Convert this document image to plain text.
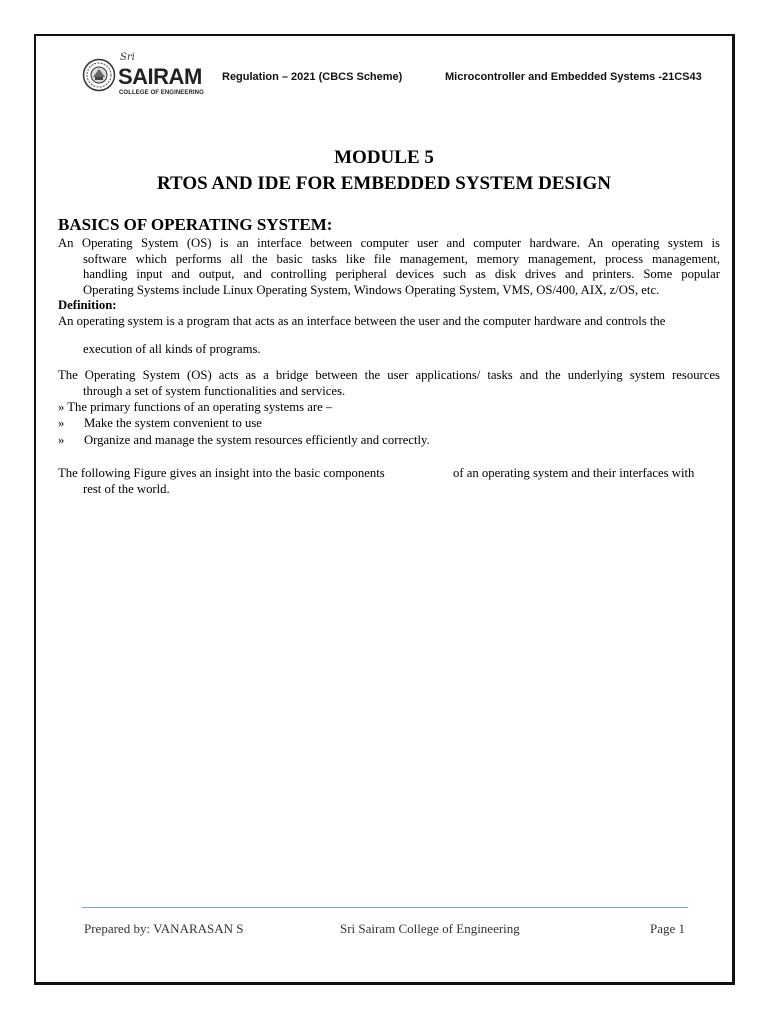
Sri
SAIRAM
COLLEGE OF ENGINEERING
Regulation – 2021 (CBCS Scheme)	Microcontroller and Embedded Systems -21CS43
MODULE 5
RTOS AND IDE FOR EMBEDDED SYSTEM DESIGN
BASICS OF OPERATING SYSTEM:
An Operating System (OS) is an interface between computer user and computer hardware. An operating system is
software which performs all the basic tasks like file management, memory management, process management,
handling input and output, and controlling peripheral devices such as disk drives and printers. Some popular
Operating Systems include Linux Operating System, Windows Operating System, VMS, OS/400, AIX, z/OS, etc.
Definition:
An operating system is a program that acts as an interface between the user and the computer hardware and controls the
execution of all kinds of programs.
The Operating System (OS) acts as a bridge between the user applications/ tasks and the underlying system resources
through a set of system functionalities and services.
» The primary functions of an operating systems are –
» Make the system convenient to use
» Organize and manage the system resources efficiently and correctly.
The following Figure gives an insight into the basic components	of an operating system and their interfaces with
rest of the world.
Prepared by: VANARASAN S	Sri Sairam College of Engineering	Page 1
